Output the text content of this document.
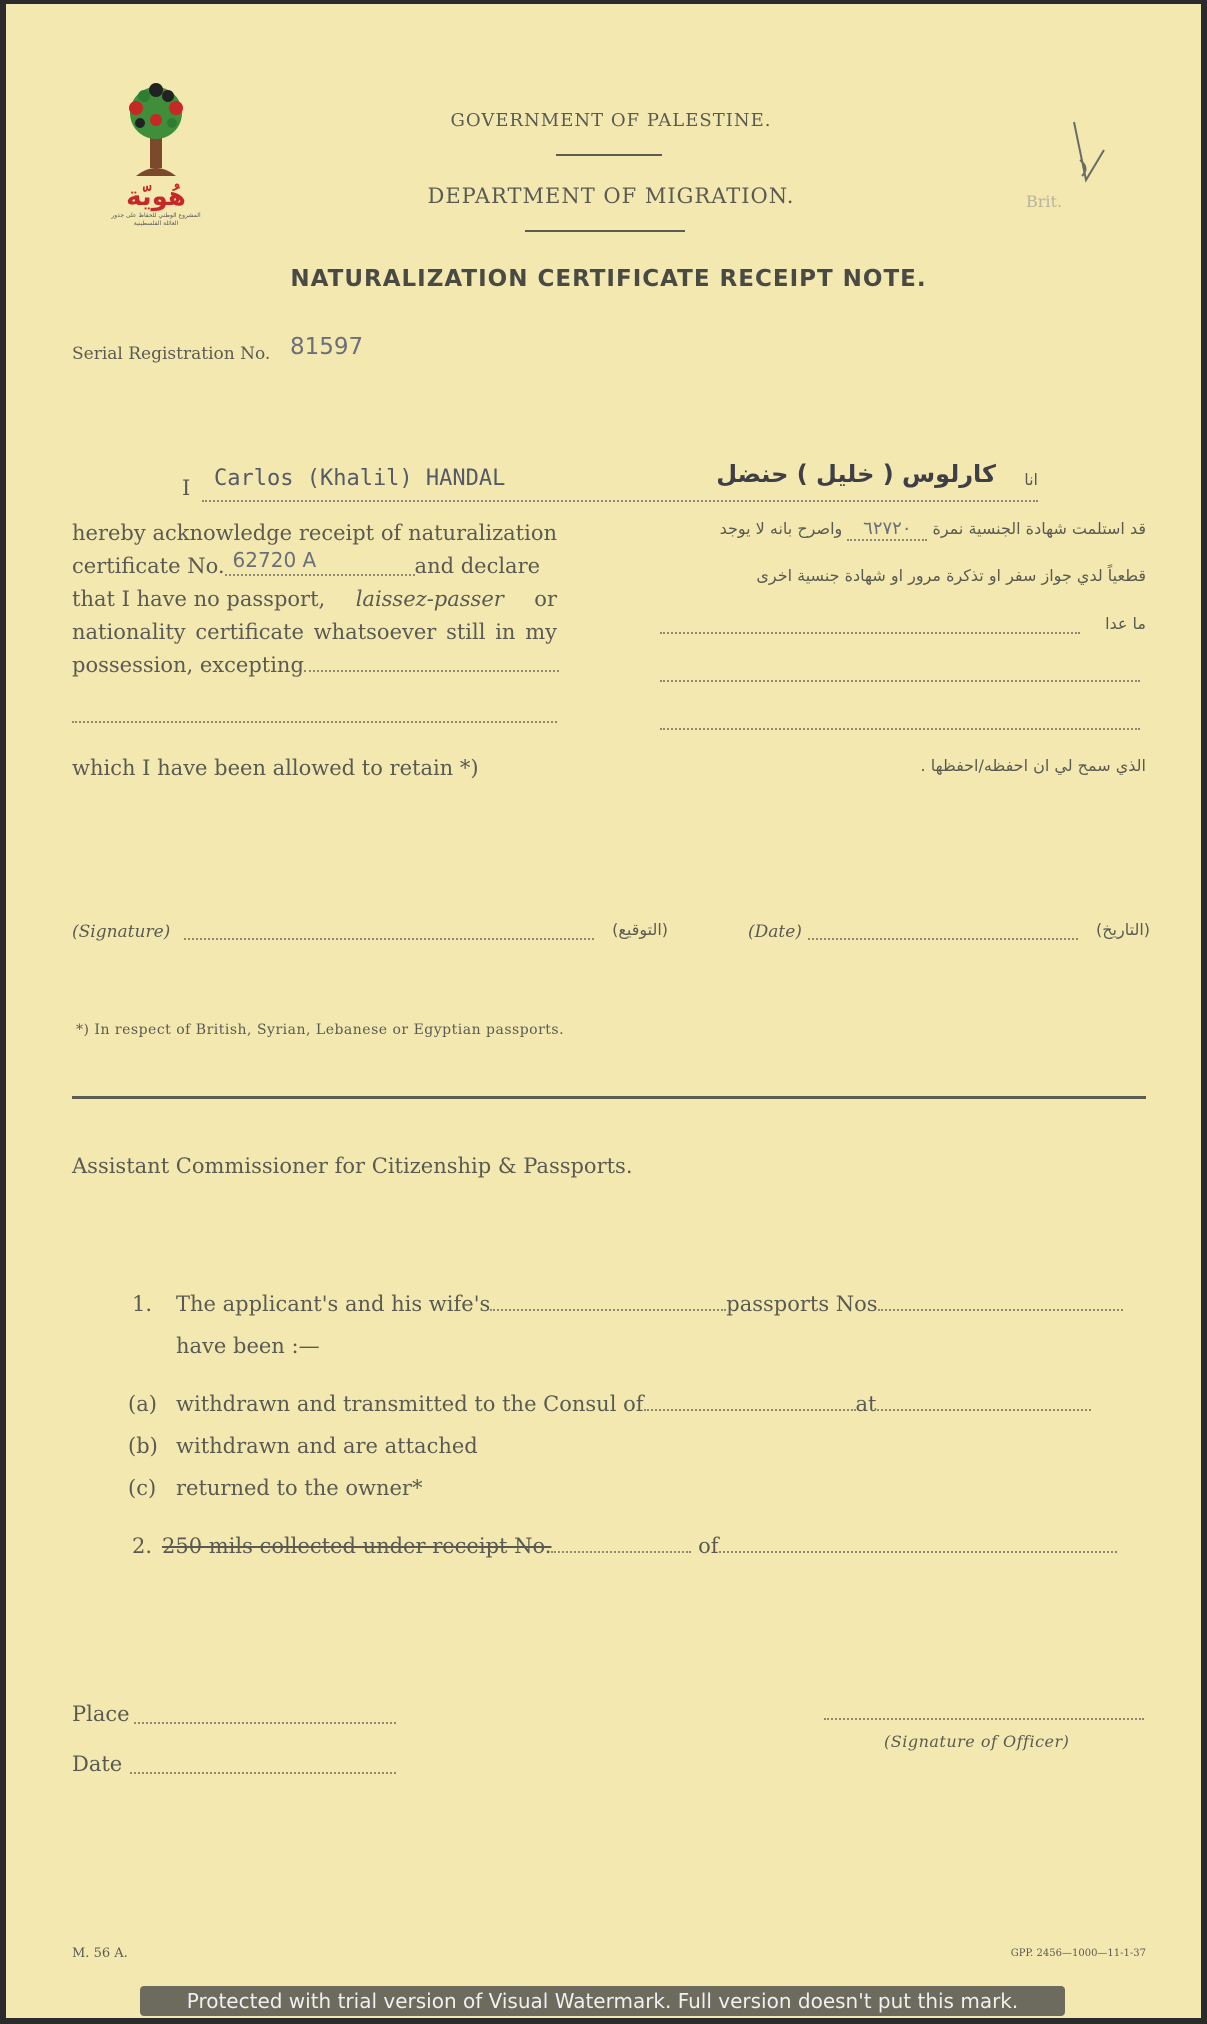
هُويّة
المشروع الوطني للحفاظ على جذور العائلة الفلسطينية
GOVERNMENT OF PALESTINE.
DEPARTMENT OF MIGRATION.
NATURALIZATION CERTIFICATE RECEIPT NOTE.
Brit.
Serial Registration No. 81597
I Carlos (Khalil) HANDAL	كارلوس ( خليل ) حنضل	انا
hereby acknowledge receipt of naturalization
certificate No. 62720 A	and declare
that I have no passport, laissez-passer or
nationality certificate whatsoever still in my
possession, excepting
which I have been allowed to retain *)
قد استلمت شهادة الجنسية نمرة ٦٢٧٢٠ واصرح بانه لا يوجد
قطعياً لدي جواز سفر او تذكرة مرور او شهادة جنسية اخرى
ما عدا
الذي سمح لي ان احفظه/احفظها .
(Signature)	(التوقيع)	(Date)	(التاريخ)
*) In respect of British, Syrian, Lebanese or Egyptian passports.
Assistant Commissioner for Citizenship & Passports.
1. The applicant's and his wife's	passports Nos
have been :—
(a) withdrawn and transmitted to the Consul of	at
(b) withdrawn and are attached
(c) returned to the owner*
2. 250 mils collected under receipt No.	of
Place
Date
(Signature of Officer)
M. 56 A.	GPP. 2456—1000—11-1-37
Protected with trial version of Visual Watermark. Full version doesn't put this mark.
